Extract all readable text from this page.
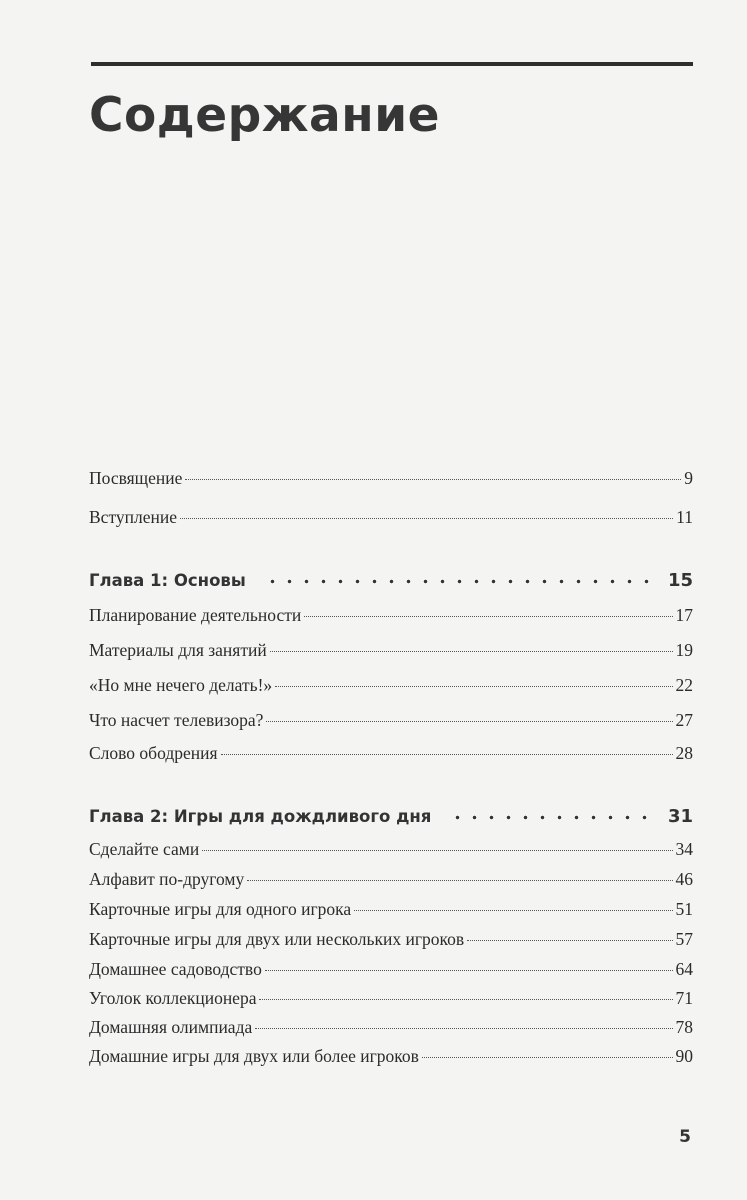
Содержание
Посвящение	9
Вступление	11
Глава 1: Основы	15
Планирование деятельности	17
Материалы для занятий	19
«Но мне нечего делать!»	22
Что насчет телевизора?	27
Слово ободрения	28
Глава 2: Игры для дождливого дня	31
Сделайте сами	34
Алфавит по-другому	46
Карточные игры для одного игрока	51
Карточные игры для двух или нескольких игроков	57
Домашнее садоводство	64
Уголок коллекционера	71
Домашняя олимпиада	78
Домашние игры для двух или более игроков	90
5
